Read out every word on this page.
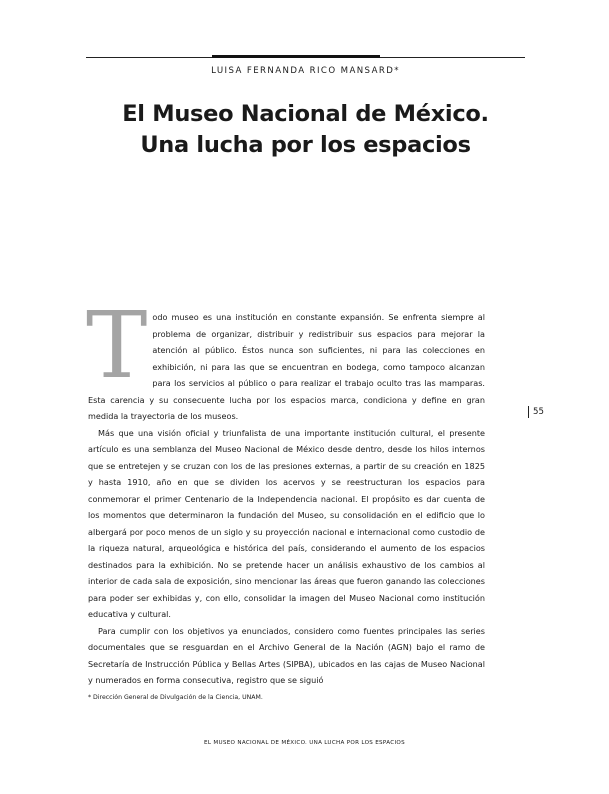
LUISA FERNANDA RICO MANSARD*
El Museo Nacional de México.
Una lucha por los espacios

Todo museo es una institución en constante expansión. Se enfrenta siempre al problema de organizar, distribuir y redistribuir sus espacios para mejorar la atención al público. Éstos nunca son suficientes, ni para las colecciones en exhibición, ni para las que se encuentran en bodega, como tampoco alcanzan para los servicios al público o para realizar el trabajo oculto tras las mamparas. Esta carencia y su consecuente lucha por los espacios marca, condiciona y define en gran medida la trayectoria de los museos.

Más que una visión oficial y triunfalista de una importante institución cultural, el presente artículo es una semblanza del Museo Nacional de México desde dentro, desde los hilos internos que se entretejen y se cruzan con los de las presiones externas, a partir de su creación en 1825 y hasta 1910, año en que se dividen los acervos y se reestructuran los espacios para conmemorar el primer Centenario de la Independencia nacional. El propósito es dar cuenta de los momentos que determinaron la fundación del Museo, su consolidación en el edificio que lo albergará por poco menos de un siglo y su proyección nacional e internacional como custodio de la riqueza natural, arqueológica e histórica del país, considerando el aumento de los espacios destinados para la exhibición. No se pretende hacer un análisis exhaustivo de los cambios al interior de cada sala de exposición, sino mencionar las áreas que fueron ganando las colecciones para poder ser exhibidas y, con ello, consolidar la imagen del Museo Nacional como institución educativa y cultural.

Para cumplir con los objetivos ya enunciados, considero como fuentes principales las series documentales que se resguardan en el Archivo General de la Nación (AGN) bajo el ramo de Secretaría de Instrucción Pública y Bellas Artes (SIPBA), ubicados en las cajas de Museo Nacional y numerados en forma consecutiva, registro que se siguió

55
* Dirección General de Divulgación de la Ciencia, UNAM.
EL MUSEO NACIONAL DE MÉXICO. UNA LUCHA POR LOS ESPACIOS
